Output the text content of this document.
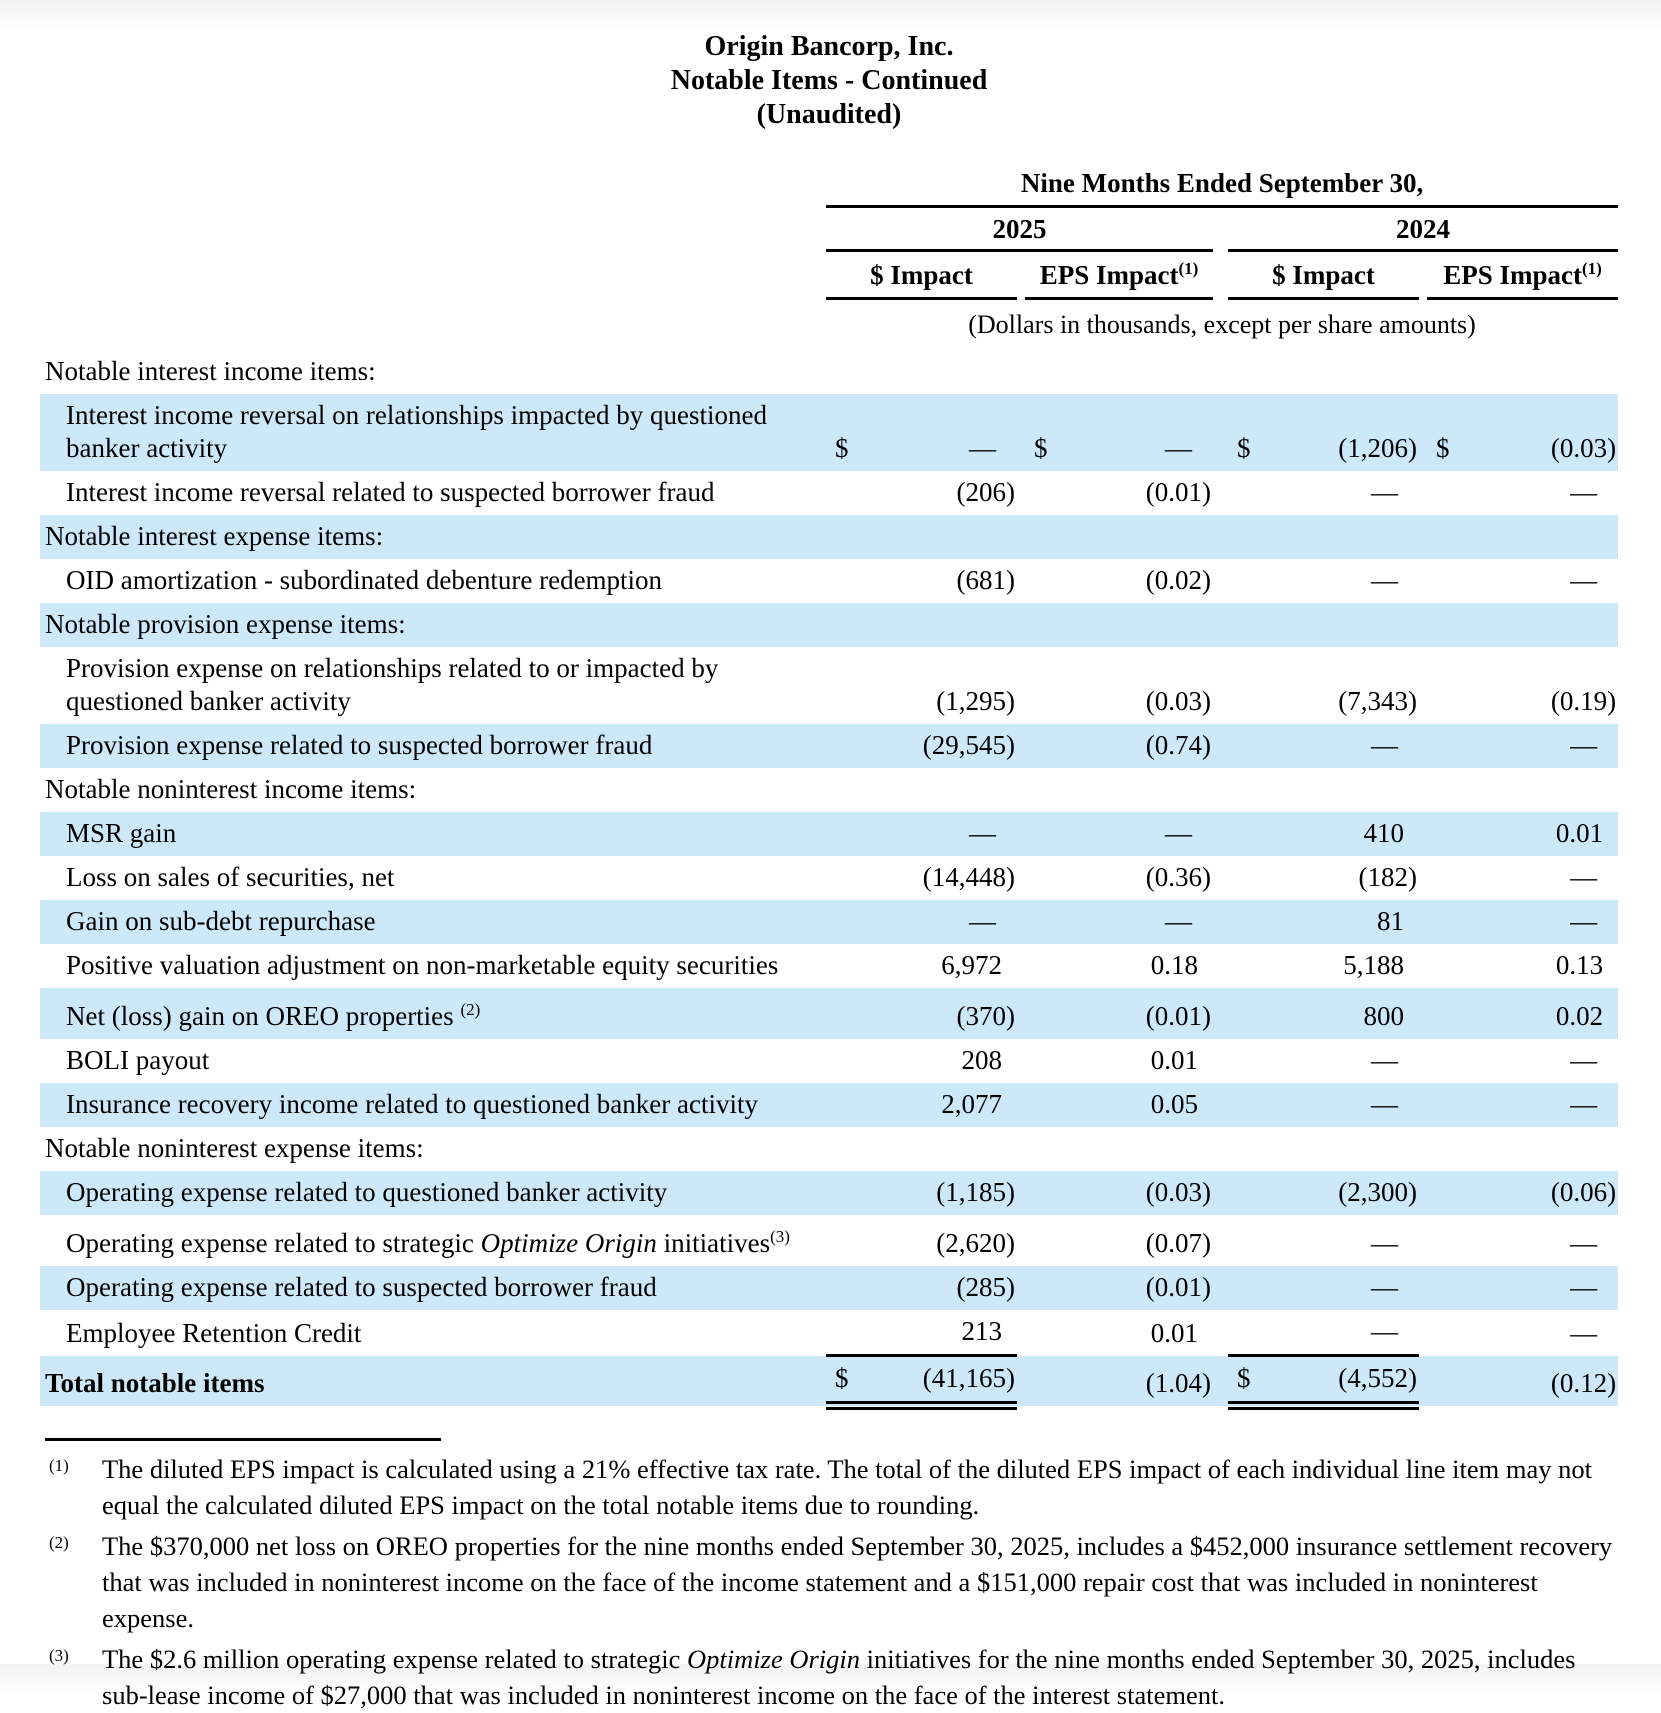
Origin Bancorp, Inc.
Notable Items - Continued
(Unaudited)
	Nine Months Ended September 30,										
	2025						2024				
	$ Impact			EPS Impact$^{(1)}$			$ Impact			EPS Impact$^{(1)}$
	(Dollars in thousands, except per share amounts)										
Notable interest income items:											
Interest income reversal on relationships impacted by questioned
banker activity	$	—		$	—		$	(1,206)		$	(0.03)
Interest income reversal related to suspected borrower fraud		(206)			(0.01)			—			—
Notable interest expense items:											
OID amortization - subordinated debenture redemption		(681)			(0.02)			—			—
Notable provision expense items:											
Provision expense on relationships related to or impacted by
questioned banker activity		(1,295)			(0.03)			(7,343)			(0.19)
Provision expense related to suspected borrower fraud		(29,545)			(0.74)			—			—
Notable noninterest income items:											
MSR gain		—			—			410			0.01
Loss on sales of securities, net		(14,448)			(0.36)			(182)			—
Gain on sub-debt repurchase		—			—			81			—
Positive valuation adjustment on non-marketable equity securities		6,972			0.18			5,188			0.13
Net (loss) gain on OREO properties $^{(2)}$		(370)			(0.01)			800			0.02
BOLI payout		208			0.01			—			—
Insurance recovery income related to questioned banker activity		2,077			0.05			—			—
Notable noninterest expense items:											
Operating expense related to questioned banker activity		(1,185)			(0.03)			(2,300)			(0.06)
Operating expense related to strategic Optimize Origin initiatives$^{(3)}$		(2,620)			(0.07)			—			—
Operating expense related to suspected borrower fraud		(285)			(0.01)			—			—
Employee Retention Credit		213			0.01			—			—
Total notable items	$	(41,165)			(1.04)		$	(4,552)			(0.12)
(1)	The diluted EPS impact is calculated using a 21% effective tax rate. The total of the diluted EPS impact of each individual line item may not equal the calculated diluted EPS impact on the total notable items due to rounding.
(2)	The $370,000 net loss on OREO properties for the nine months ended September 30, 2025, includes a $452,000 insurance settlement recovery that was included in noninterest income on the face of the income statement and a $151,000 repair cost that was included in noninterest expense.
(3)	The $2.6 million operating expense related to strategic Optimize Origin initiatives for the nine months ended September 30, 2025, includes sub-lease income of $27,000 that was included in noninterest income on the face of the interest statement.
